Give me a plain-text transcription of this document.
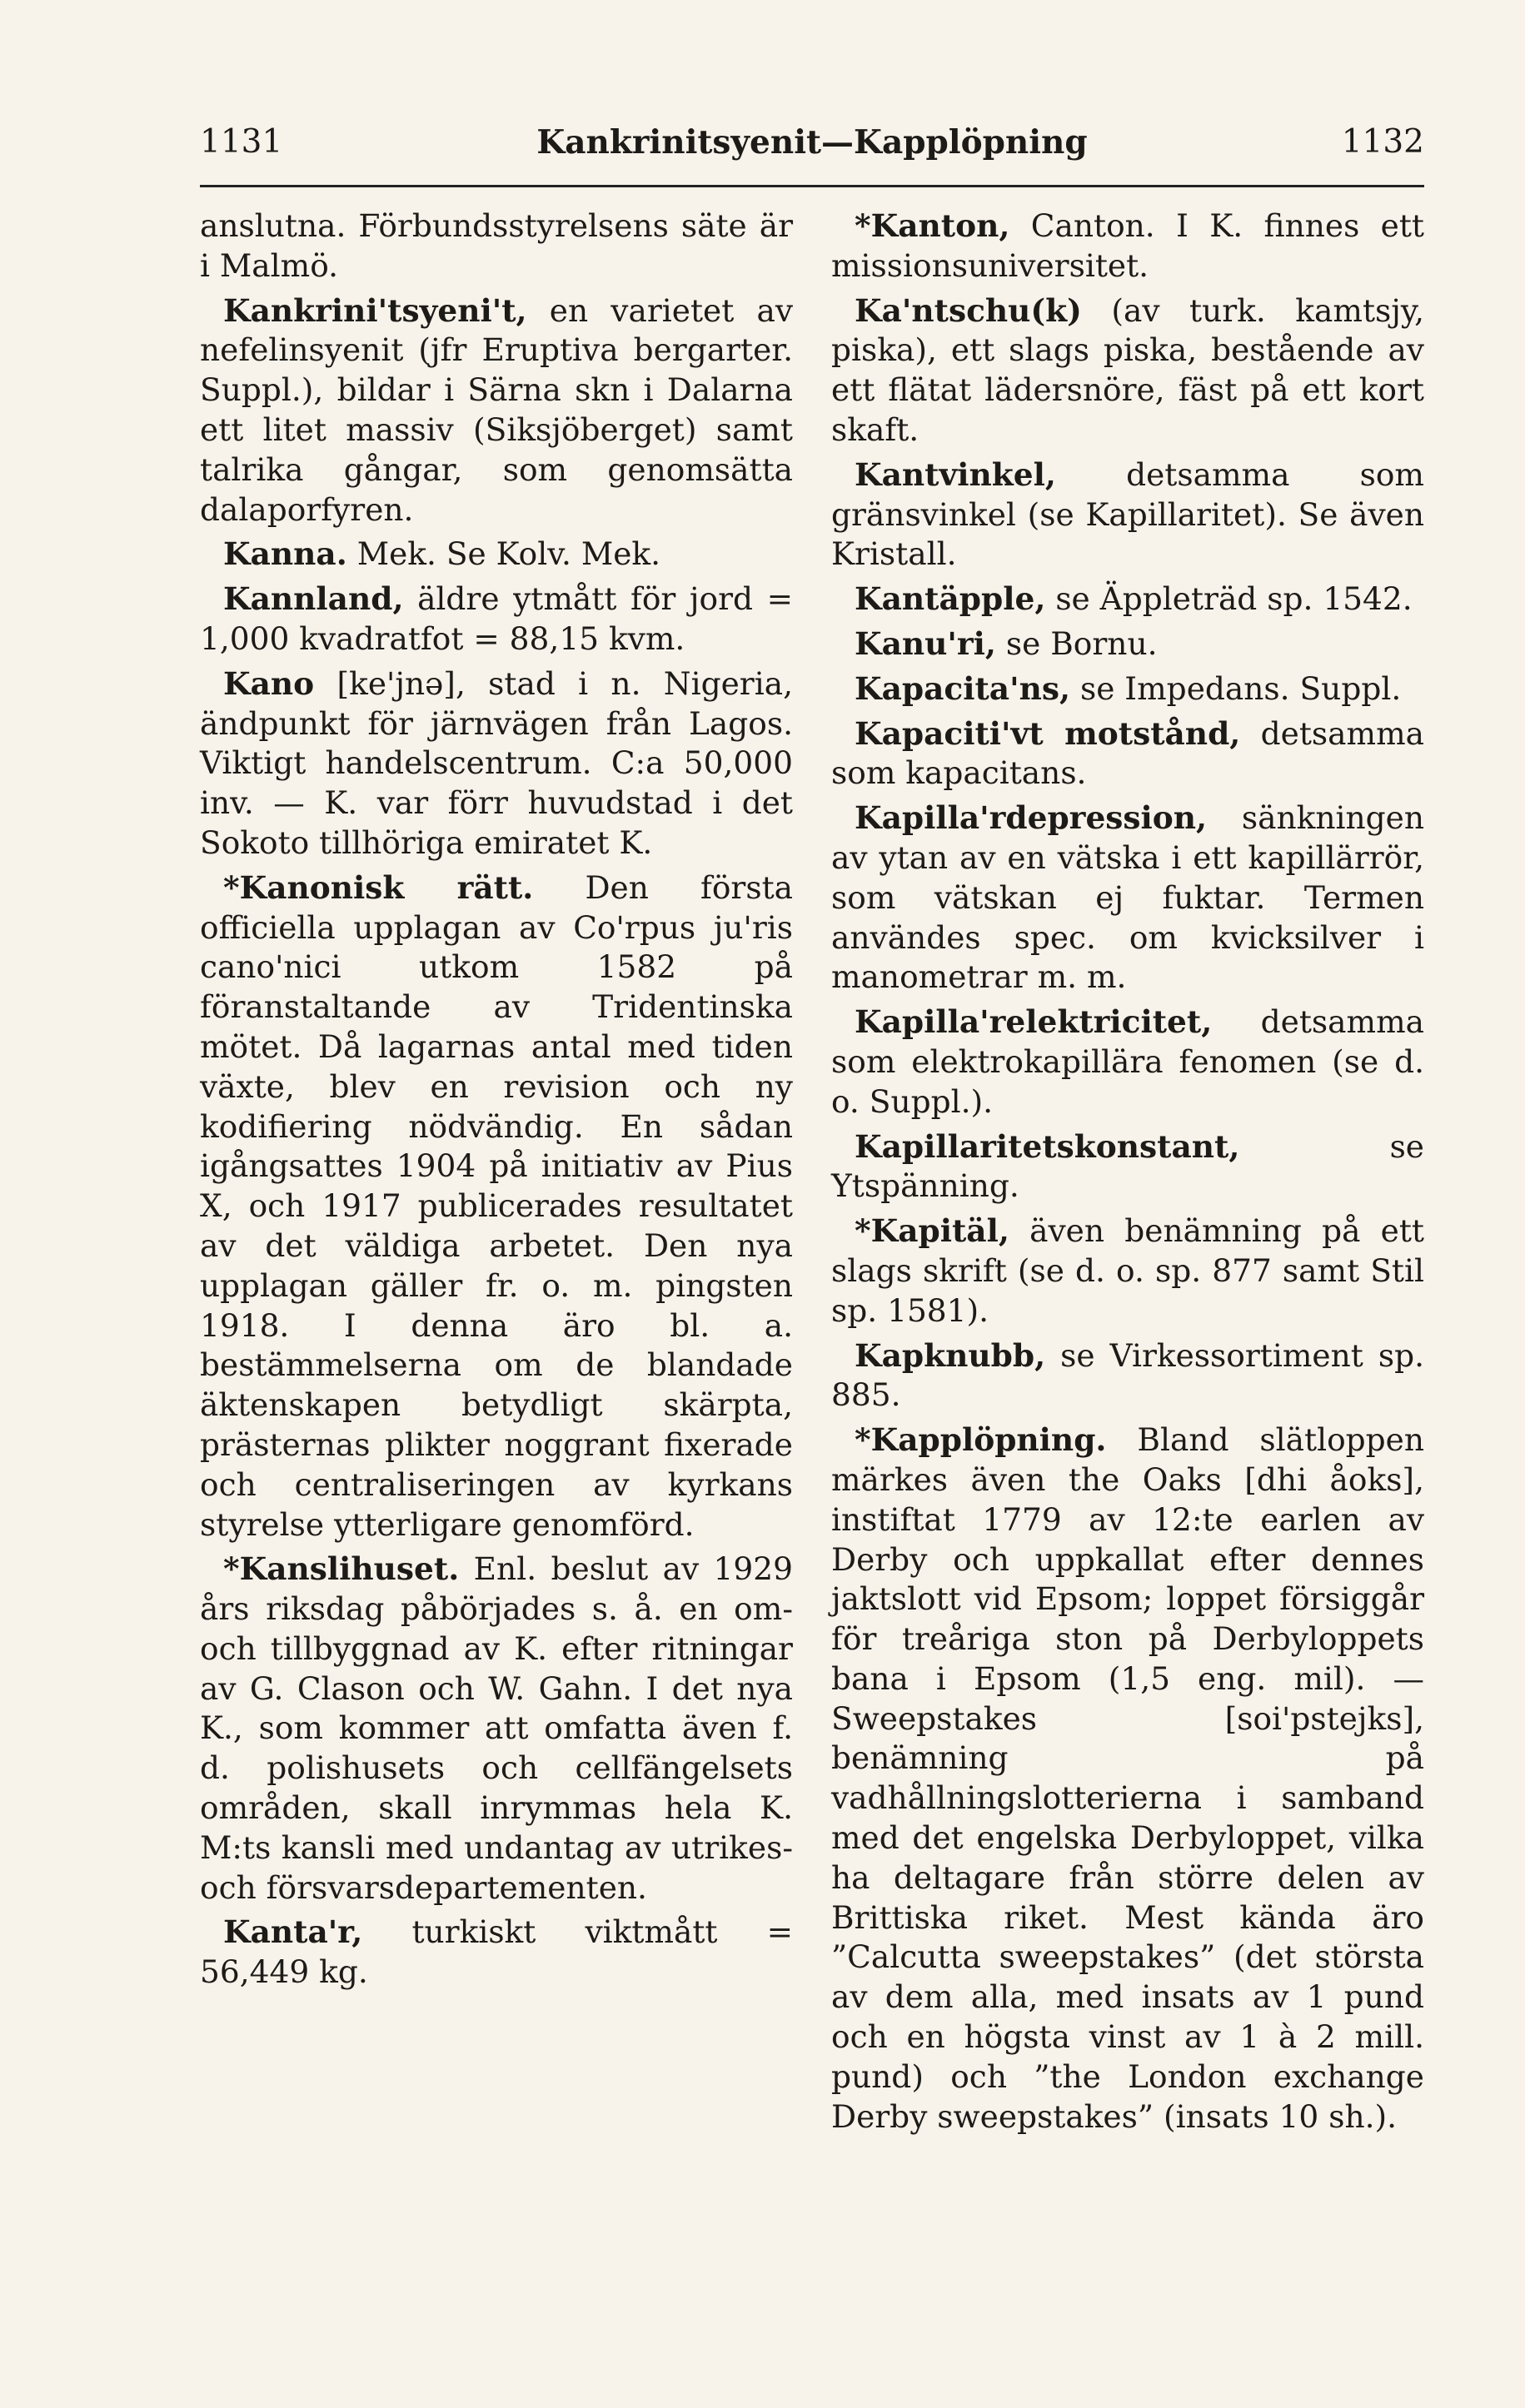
1131	Kankrinitsyenit—Kapplöpning	1132

anslutna. Förbundsstyrelsens säte är i Malmö.

Kankrini'tsyeni't, en varietet av nefelinsyenit (jfr Eruptiva bergarter. Suppl.), bildar i Särna skn i Dalarna ett litet massiv (Siksjöberget) samt talrika gångar, som genomsätta dalaporfyren.

Kanna. Mek. Se Kolv. Mek.

Kannland, äldre ytmått för jord = 1,000 kvadratfot = 88,15 kvm.

Kano [ke'jnə], stad i n. Nigeria, ändpunkt för järnvägen från Lagos. Viktigt handelscentrum. C:a 50,000 inv. — K. var förr huvudstad i det Sokoto tillhöriga emiratet K.

*Kanonisk rätt. Den första officiella upplagan av Co'rpus ju'ris cano'nici utkom 1582 på föranstaltande av Tridentinska mötet. Då lagarnas antal med tiden växte, blev en revision och ny kodifiering nödvändig. En sådan igångsattes 1904 på initiativ av Pius X, och 1917 publicerades resultatet av det väldiga arbetet. Den nya upplagan gäller fr. o. m. pingsten 1918. I denna äro bl. a. bestämmelserna om de blandade äktenskapen betydligt skärpta, prästernas plikter noggrant fixerade och centraliseringen av kyrkans styrelse ytterligare genomförd.

*Kanslihuset. Enl. beslut av 1929 års riksdag påbörjades s. å. en om- och tillbyggnad av K. efter ritningar av G. Clason och W. Gahn. I det nya K., som kommer att omfatta även f. d. polishusets och cellfängelsets områden, skall inrymmas hela K. M:ts kansli med undantag av utrikes- och försvarsdepartementen.

Kanta'r, turkiskt viktmått = 56,449 kg.

*Kanton, Canton. I K. finnes ett missionsuniversitet.

Ka'ntschu(k) (av turk. kamtsjy, piska), ett slags piska, bestående av ett flätat lädersnöre, fäst på ett kort skaft.

Kantvinkel, detsamma som gränsvinkel (se Kapillaritet). Se även Kristall.

Kantäpple, se Äppleträd sp. 1542.

Kanu'ri, se Bornu.

Kapacita'ns, se Impedans. Suppl.

Kapaciti'vt motstånd, detsamma som kapacitans.

Kapilla'rdepression, sänkningen av ytan av en vätska i ett kapillärrör, som vätskan ej fuktar. Termen användes spec. om kvicksilver i manometrar m. m.

Kapilla'relektricitet, detsamma som elektrokapillära fenomen (se d. o. Suppl.).

Kapillaritetskonstant,	se Ytspänning.

*Kapitäl, även benämning på ett slags skrift (se d. o. sp. 877 samt Stil sp. 1581).

Kapknubb, se Virkessortiment sp. 885.

*Kapplöpning. Bland slätloppen märkes även the Oaks [dhi åoks], instiftat 1779 av 12:te earlen av Derby och uppkallat efter dennes jaktslott vid Epsom; loppet försiggår för treåriga ston på Derbyloppets bana i Epsom (1,5 eng. mil). — Sweepstakes [soi'pstejks], benämning på vadhållningslotterierna i samband med det engelska Derbyloppet, vilka ha deltagare från större delen av Brittiska riket. Mest kända äro ”Calcutta sweepstakes” (det största av dem alla, med insats av 1 pund och en högsta vinst av 1 à 2 mill. pund) och ”the London exchange Derby sweepstakes” (insats 10 sh.).
